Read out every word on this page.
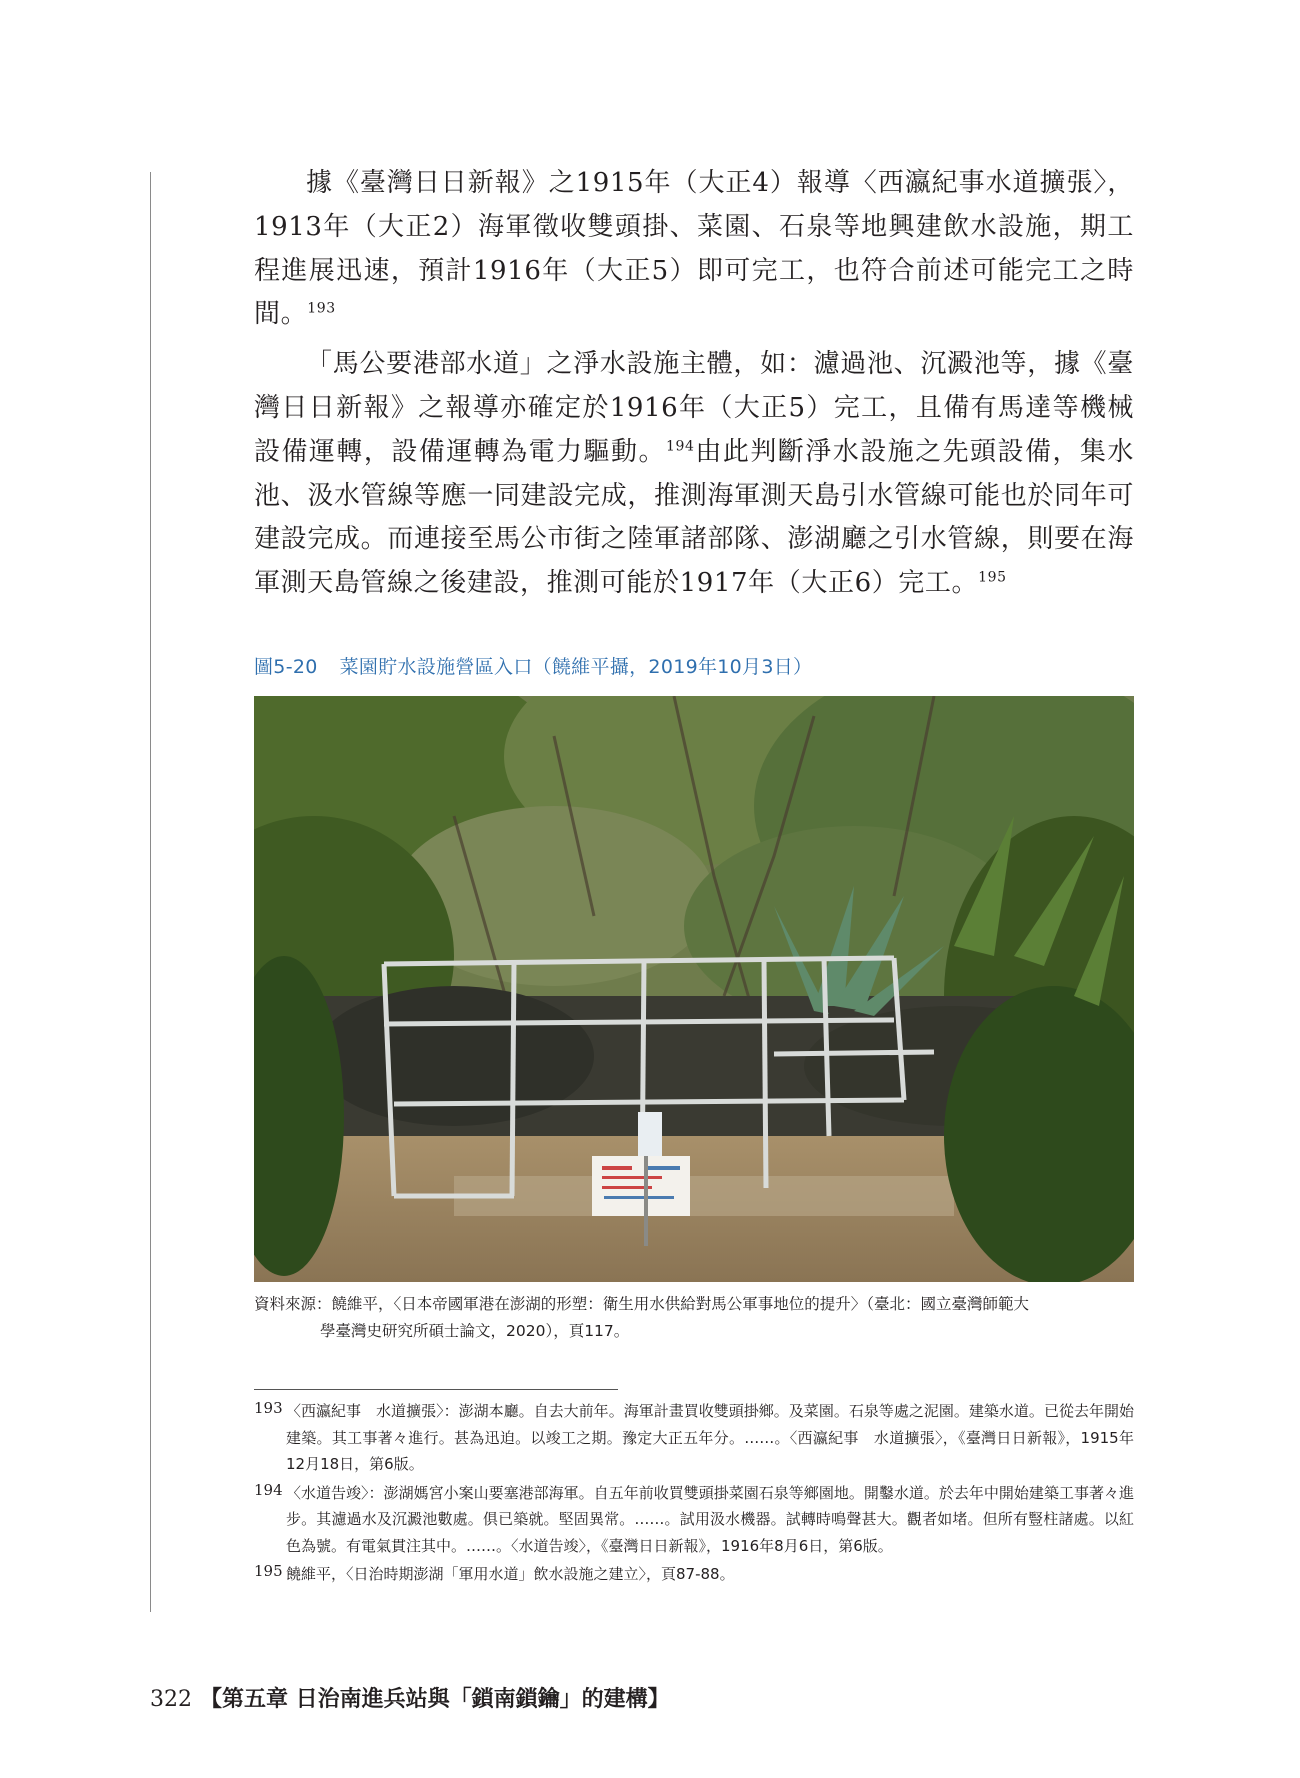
據《臺灣日日新報》之1915年（大正4）報導〈西瀛紀事水道擴張〉，1913年（大正2）海軍徵收雙頭掛、菜園、石泉等地興建飲水設施，期工程進展迅速，預計1916年（大正5）即可完工，也符合前述可能完工之時間。$^{193}$

「馬公要港部水道」之淨水設施主體，如：濾過池、沉澱池等，據《臺灣日日新報》之報導亦確定於1916年（大正5）完工，且備有馬達等機械設備運轉，設備運轉為電力驅動。$^{194}$由此判斷淨水設施之先頭設備，集水池、汲水管線等應一同建設完成，推測海軍測天島引水管線可能也於同年可建設完成。而連接至馬公市街之陸軍諸部隊、澎湖廳之引水管線，則要在海軍測天島管線之後建設，推測可能於1917年（大正6）完工。$^{195}$

圖5-20 菜園貯水設施營區入口（饒維平攝，2019年10月3日）
資料來源：饒維平，〈日本帝國軍港在澎湖的形塑：衛生用水供給對馬公軍事地位的提升〉（臺北：國立臺灣師範大
學臺灣史研究所碩士論文，2020），頁117。
193 〈西瀛紀事　水道擴張〉：澎湖本廳。自去大前年。海軍計畫買收雙頭掛鄉。及菜園。石泉等處之泥園。建築水道。已從去年開始建築。其工事著々進行。甚為迅迫。以竣工之期。豫定大正五年分。……。〈西瀛紀事　水道擴張〉，《臺灣日日新報》，1915年12月18日，第6版。
194 〈水道告竣〉：澎湖媽宮小案山要塞港部海軍。自五年前收買雙頭掛菜園石泉等鄉園地。開鑿水道。於去年中開始建築工事著々進步。其濾過水及沉澱池數處。俱已築就。堅固異常。……。試用汲水機器。試轉時鳴聲甚大。觀者如堵。但所有豎柱諸處。以紅色為號。有電氣貫注其中。……。〈水道告竣〉，《臺灣日日新報》，1916年8月6日，第6版。
195 饒維平，〈日治時期澎湖「軍用水道」飲水設施之建立〉，頁87-88。
322 【第五章 日治南進兵站與「鎖南鎖鑰」的建構】
